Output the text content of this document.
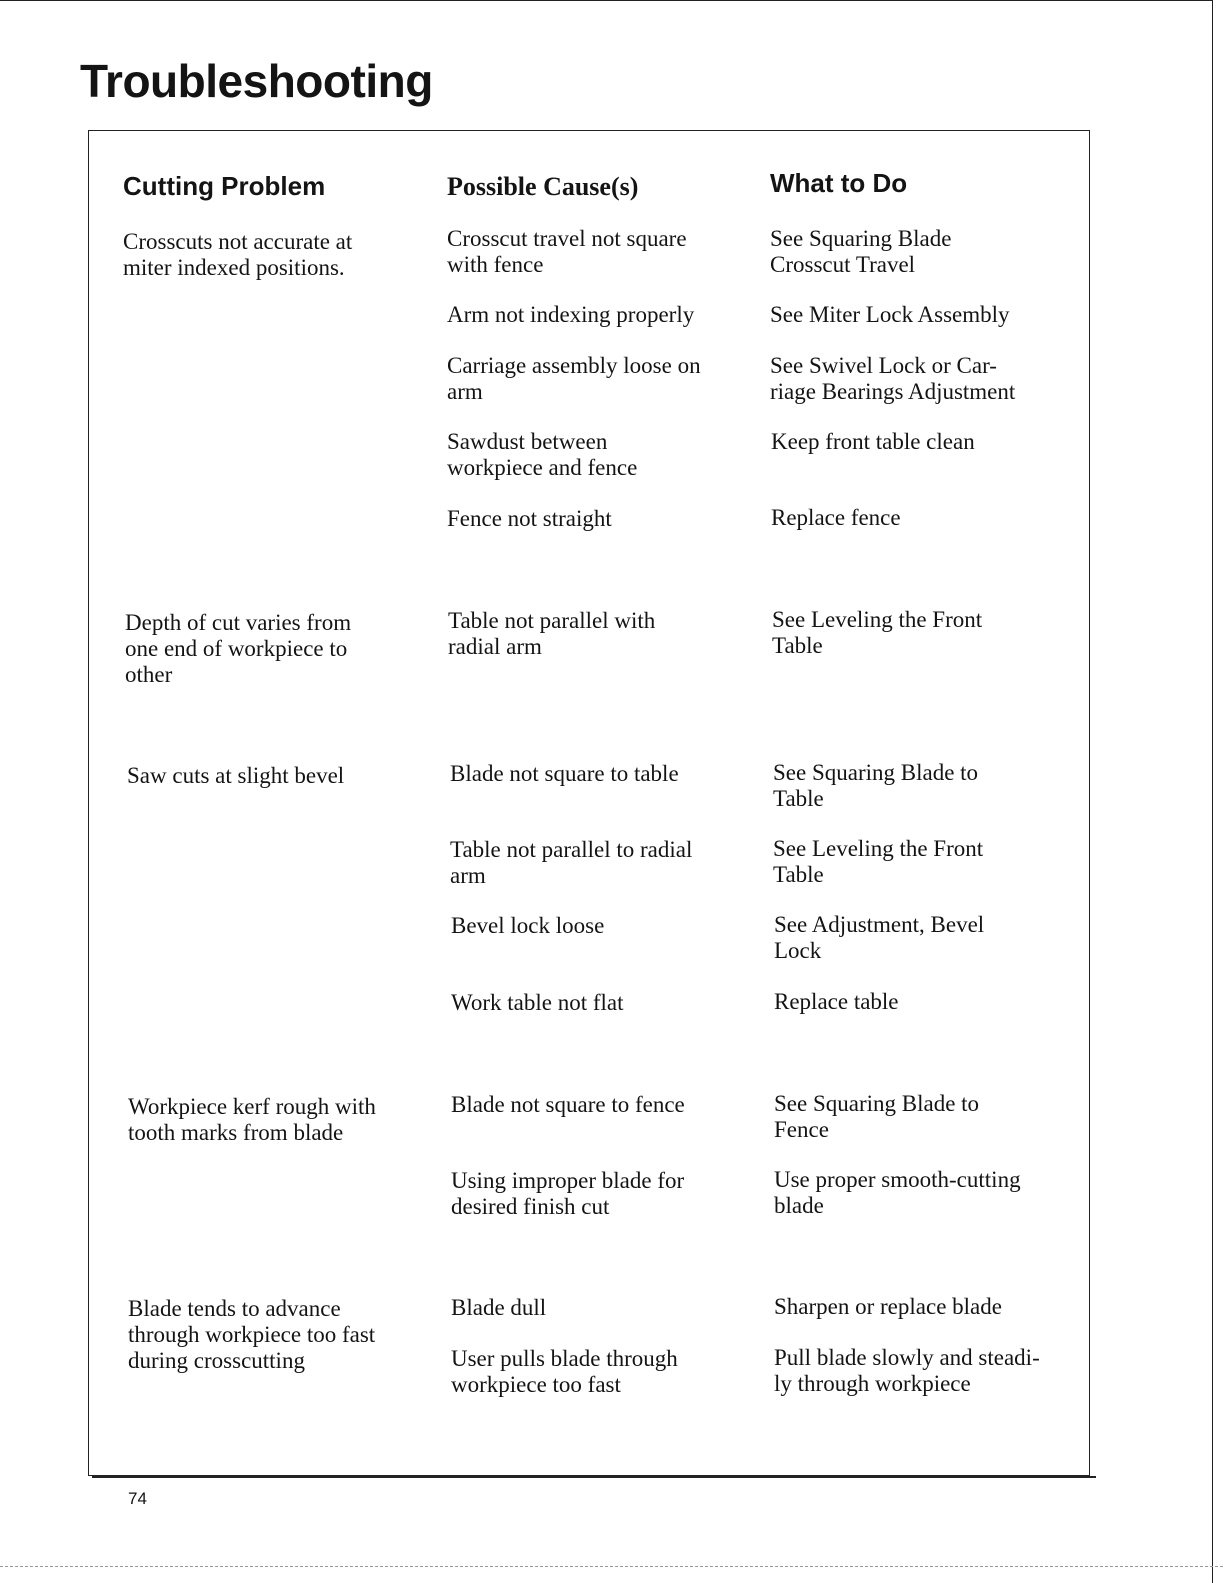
Troubleshooting
Cutting Problem	Possible Cause(s)	What to Do

Crosscuts not accurate at
miter indexed positions.

Depth of cut varies from
one end of workpiece to
other

Saw cuts at slight bevel

Workpiece kerf rough with
tooth marks from blade

Blade tends to advance
through workpiece too fast
during crosscutting

Crosscut travel not square
with fence

Arm not indexing properly

Carriage assembly loose on
arm

Sawdust between
workpiece and fence

Fence not straight

Table not parallel with
radial arm

Blade not square to table

Table not parallel to radial
arm

Bevel lock loose

Work table not flat

Blade not square to fence

Using improper blade for
desired finish cut

Blade dull

User pulls blade through
workpiece too fast

See Squaring Blade
Crosscut Travel

See Miter Lock Assembly

See Swivel Lock or Car-
riage Bearings Adjustment

Keep front table clean

Replace fence

See Leveling the Front
Table

See Squaring Blade to
Table

See Leveling the Front
Table

See Adjustment, Bevel
Lock

Replace table

See Squaring Blade to
Fence

Use proper smooth-cutting
blade

Sharpen or replace blade

Pull blade slowly and steadi-
ly through workpiece

74
